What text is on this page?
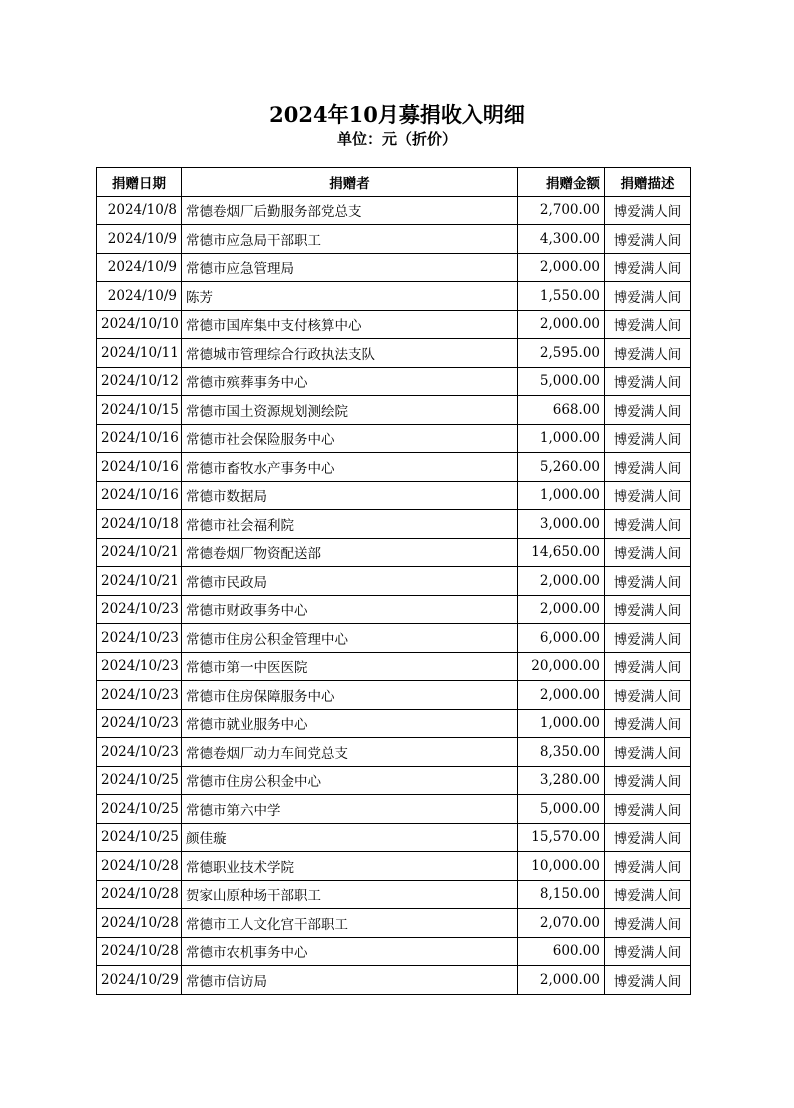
2024年10月募捐收入明细
单位：元（折价）
捐赠日期	捐赠者	捐赠金额	捐赠描述
2024/10/8	常德卷烟厂后勤服务部党总支	2,700.00	博爱满人间
2024/10/9	常德市应急局干部职工	4,300.00	博爱满人间
2024/10/9	常德市应急管理局	2,000.00	博爱满人间
2024/10/9	陈芳	1,550.00	博爱满人间
2024/10/10	常德市国库集中支付核算中心	2,000.00	博爱满人间
2024/10/11	常德城市管理综合行政执法支队	2,595.00	博爱满人间
2024/10/12	常德市殡葬事务中心	5,000.00	博爱满人间
2024/10/15	常德市国土资源规划测绘院	668.00	博爱满人间
2024/10/16	常德市社会保险服务中心	1,000.00	博爱满人间
2024/10/16	常德市畜牧水产事务中心	5,260.00	博爱满人间
2024/10/16	常德市数据局	1,000.00	博爱满人间
2024/10/18	常德市社会福利院	3,000.00	博爱满人间
2024/10/21	常德卷烟厂物资配送部	14,650.00	博爱满人间
2024/10/21	常德市民政局	2,000.00	博爱满人间
2024/10/23	常德市财政事务中心	2,000.00	博爱满人间
2024/10/23	常德市住房公积金管理中心	6,000.00	博爱满人间
2024/10/23	常德市第一中医医院	20,000.00	博爱满人间
2024/10/23	常德市住房保障服务中心	2,000.00	博爱满人间
2024/10/23	常德市就业服务中心	1,000.00	博爱满人间
2024/10/23	常德卷烟厂动力车间党总支	8,350.00	博爱满人间
2024/10/25	常德市住房公积金中心	3,280.00	博爱满人间
2024/10/25	常德市第六中学	5,000.00	博爱满人间
2024/10/25	颜佳璇	15,570.00	博爱满人间
2024/10/28	常德职业技术学院	10,000.00	博爱满人间
2024/10/28	贺家山原种场干部职工	8,150.00	博爱满人间
2024/10/28	常德市工人文化宫干部职工	2,070.00	博爱满人间
2024/10/28	常德市农机事务中心	600.00	博爱满人间
2024/10/29	常德市信访局	2,000.00	博爱满人间
